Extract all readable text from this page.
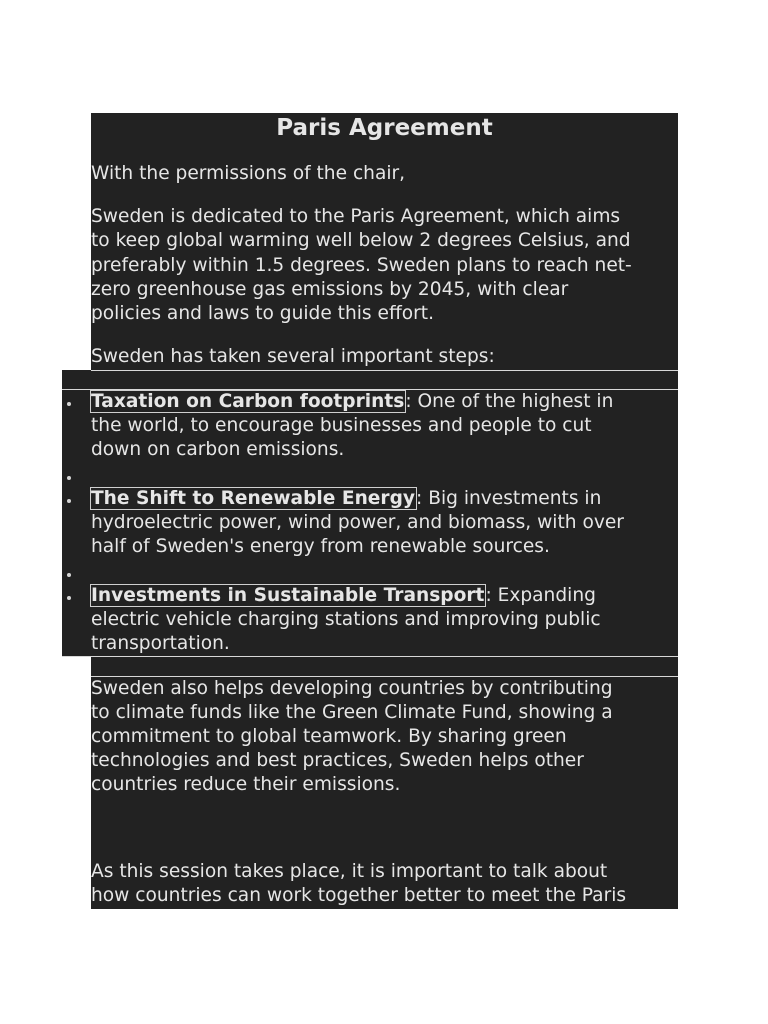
Paris Agreement
With the permissions of the chair,
Sweden is dedicated to the Paris Agreement, which aims
to keep global warming well below 2 degrees Celsius, and
preferably within 1.5 degrees. Sweden plans to reach net-
zero greenhouse gas emissions by 2045, with clear
policies and laws to guide this effort.
Sweden has taken several important steps:
Taxation on Carbon footprints: One of the highest in
the world, to encourage businesses and people to cut
down on carbon emissions.
The Shift to Renewable Energy: Big investments in
hydroelectric power, wind power, and biomass, with over
half of Sweden's energy from renewable sources.
Investments in Sustainable Transport: Expanding
electric vehicle charging stations and improving public
transportation.
Sweden also helps developing countries by contributing
to climate funds like the Green Climate Fund, showing a
commitment to global teamwork. By sharing green
technologies and best practices, Sweden helps other
countries reduce their emissions.
As this session takes place, it is important to talk about
how countries can work together better to meet the Paris
